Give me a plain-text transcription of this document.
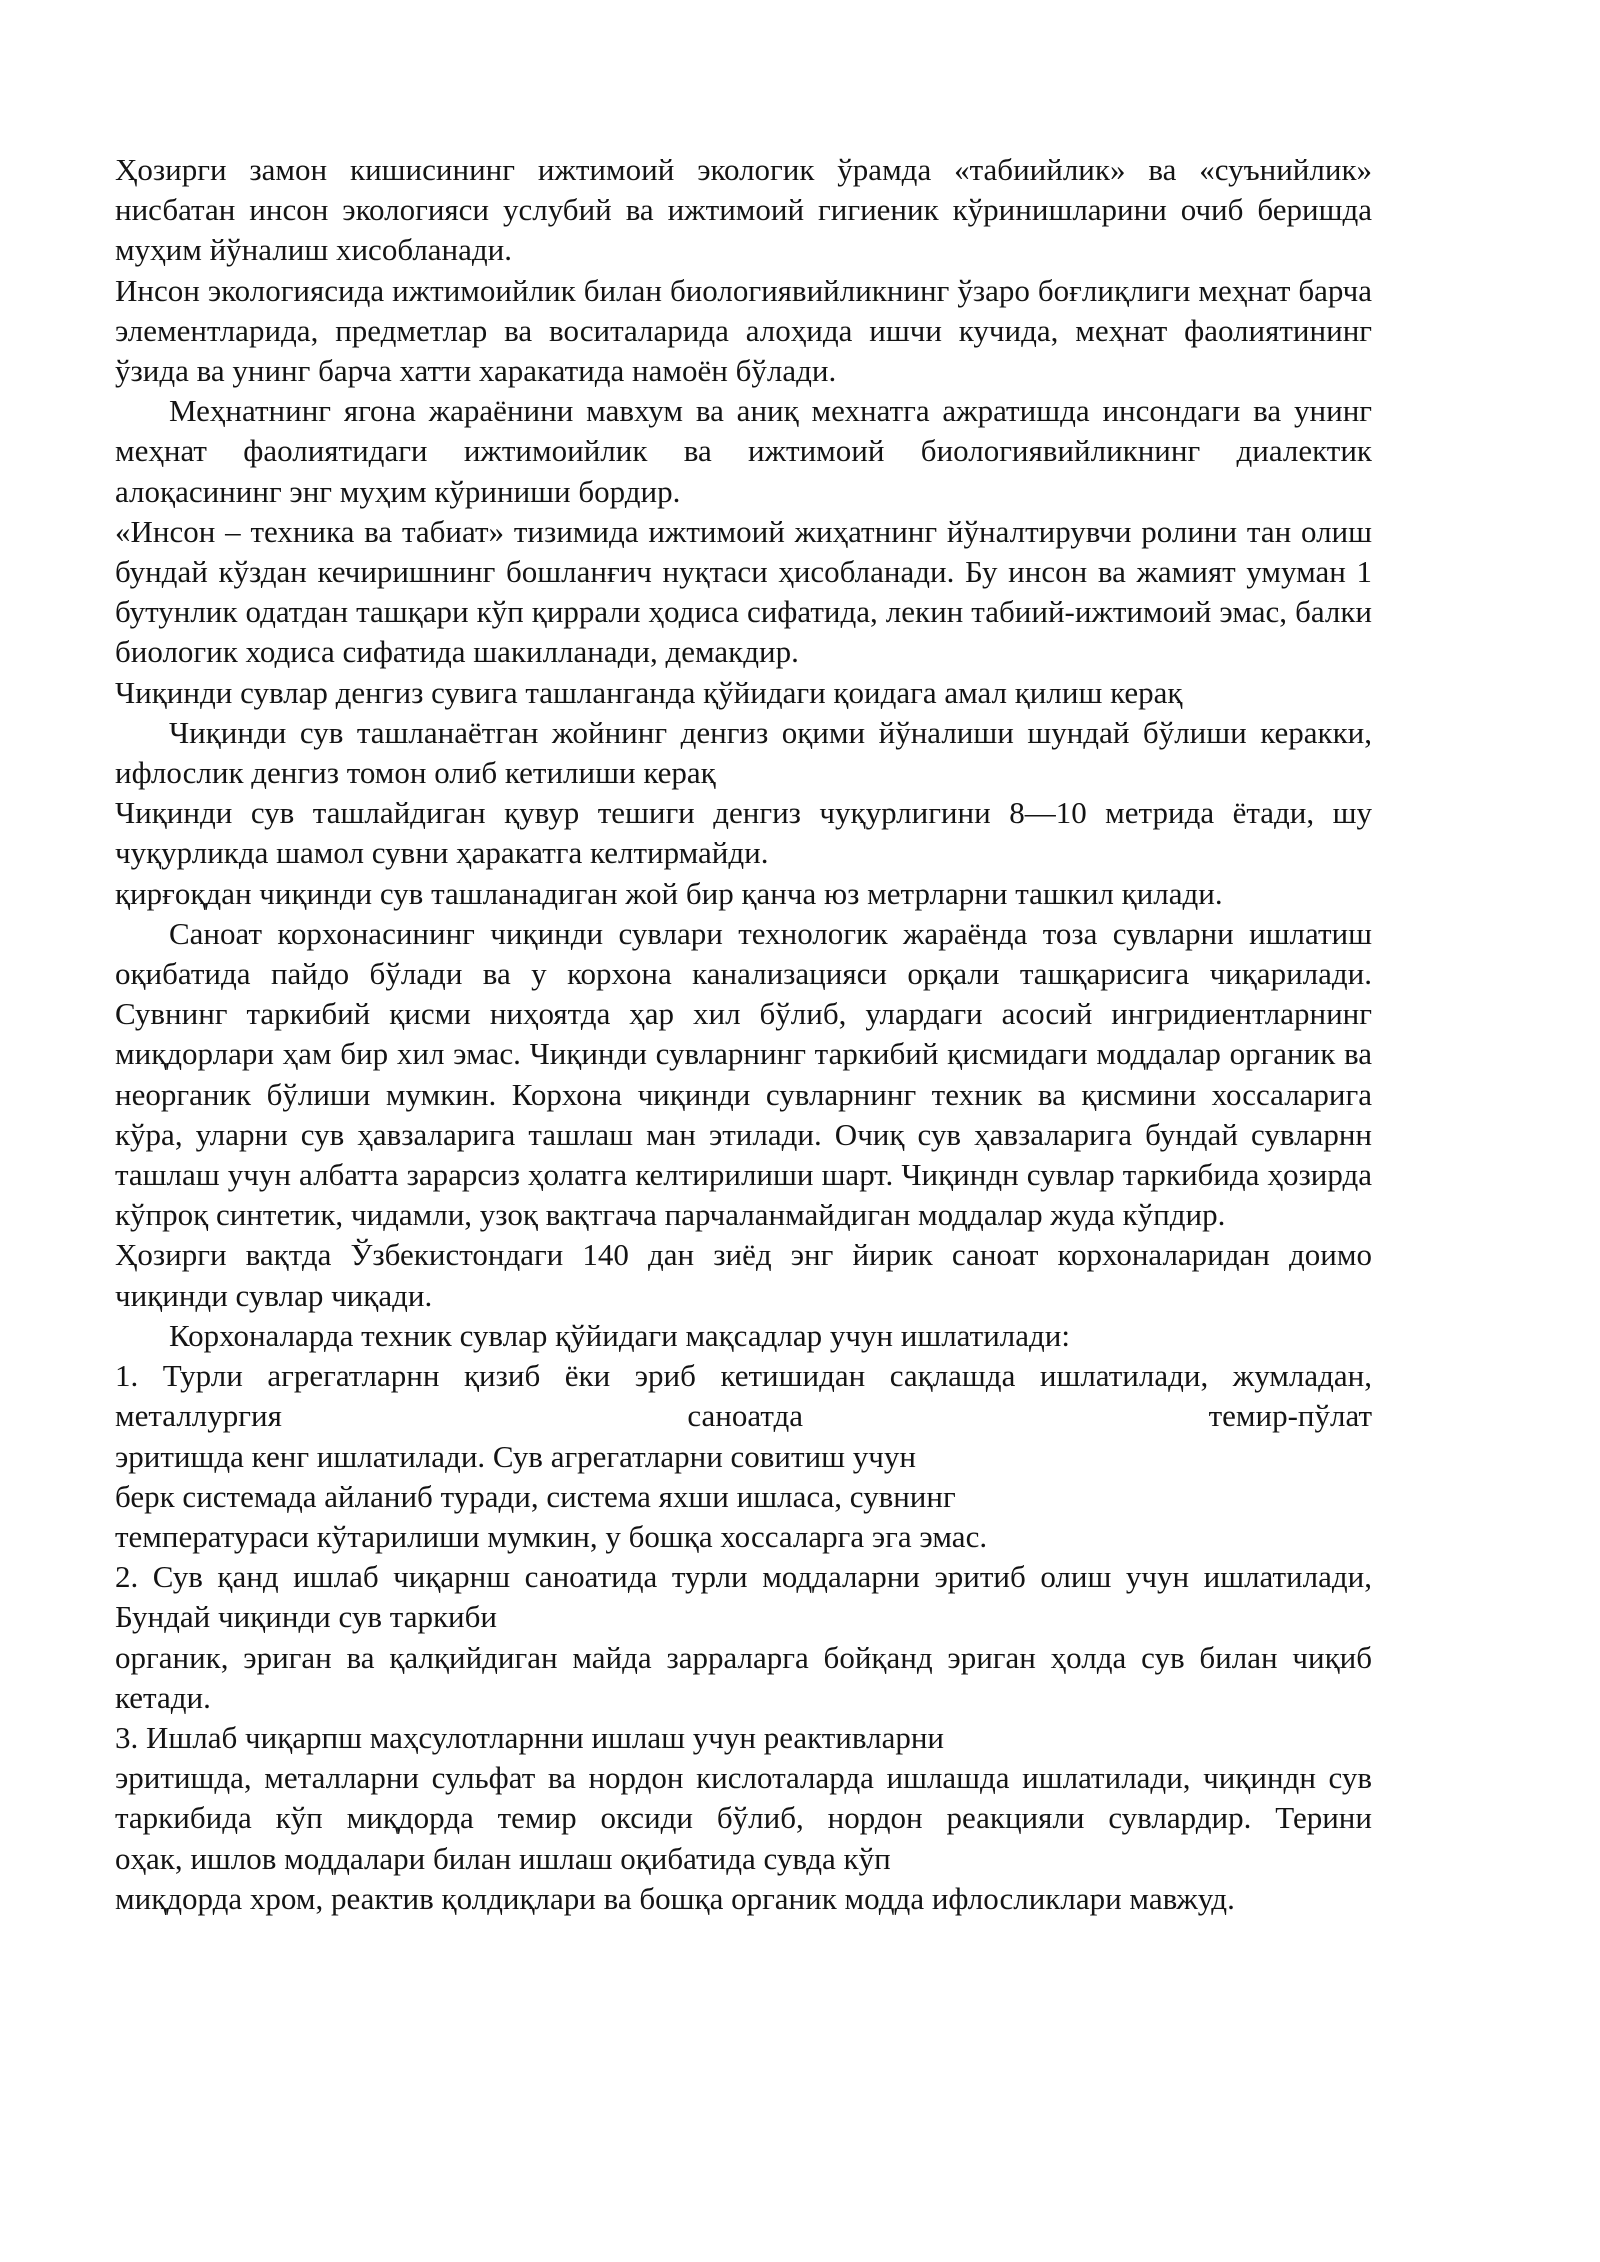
Ҳозирги замон кишисининг ижтимоий экологик ўрамда «табиийлик» ва «суънийлик» нисбатан инсон экологияси услубий ва ижтимоий гигиеник кўринишларини очиб беришда муҳим йўналиш хисобланади.

Инсон экологиясида ижтимоийлик билан биологиявийликнинг ўзаро боғлиқлиги меҳнат барча элементларида, предметлар ва воситаларида алоҳида ишчи кучида, меҳнат фаолиятининг ўзида ва унинг барча хатти харакатида намоён бўлади.

Меҳнатнинг ягона жараёнини мавхум ва аниқ мехнатга ажратишда инсондаги ва унинг меҳнат фаолиятидаги ижтимоийлик ва ижтимоий биологиявийликнинг диалектик алоқасининг энг муҳим кўриниши бордир.

«Инсон – техника ва табиат» тизимида ижтимоий жиҳатнинг йўналтирувчи ролини тан олиш бундай кўздан кечиришнинг бошланғич нуқтаси ҳисобланади. Бу инсон ва жамият умуман 1 бутунлик одатдан ташқари кўп қиррали ҳодиса сифатида, лекин табиий-ижтимоий эмас, балки биологик ходиса сифатида шакилланади, демакдир.

Чиқинди сувлар денгиз сувига ташланганда қўйидаги қоидага амал қилиш керақ

Чиқинди сув ташланаётган жойнинг денгиз оқими йўналиши шундай бўлиши керакки, ифлослик денгиз томон олиб кетилиши керақ

Чиқинди сув ташлайдиган қувур тешиги денгиз чуқурлигини 8—10 метрида ётади, шу чуқурликда шамол сувни ҳаракатга келтирмайди.

қирғоқдан чиқинди сув ташланадиган жой бир қанча юз метрларни ташкил қилади.

Саноат корхонасининг чиқинди сувлари технологик жараёнда тоза сувларни ишлатиш оқибатида пайдо бўлади ва у корхона канализацияси орқали ташқарисига чиқарилади. Сувнинг таркибий қисми ниҳоятда ҳар хил бўлиб, улардаги асосий ингридиентларнинг миқдорлари ҳам бир хил эмас. Чиқинди сувларнинг таркибий қисмидаги моддалар органик ва неорганик бўлиши мумкин. Корхона чиқинди сувларнинг техник ва қисмини хоссаларига кўра, уларни сув ҳавзаларига ташлаш ман этилади. Очиқ сув ҳавзаларига бундай сувларнн ташлаш учун албатта зарарсиз ҳолатга келтирилиши шарт. Чиқиндн сувлар таркибида ҳозирда кўпроқ синтетик, чидамли, узоқ вақтгача парчаланмайдиган моддалар жуда кўпдир.

Ҳозирги вақтда Ўзбекистондаги 140 дан зиёд энг йирик саноат корхоналаридан доимо чиқинди сувлар чиқади.

Корхоналарда техник сувлар қўйидаги мақсадлар учун ишлатилади:

1. Турли агрегатларнн қизиб ёки эриб кетишидан сақлашда ишлатилади, жумладан, металлургия саноатда темир-пўлат

эритишда кенг ишлатилади. Сув агрегатларни совитиш учун

берк системада айланиб туради, система яхши ишласа, сувнинг

температураси кўтарилиши мумкин, у бошқа хоссаларга эга эмас.

2. Сув қанд ишлаб чиқарнш саноатида турли моддаларни эритиб олиш учун ишлатилади, Бундай чиқинди сув таркиби

органик, эриган ва қалқийдиган майда зарраларга бойқанд эриган ҳолда сув билан чиқиб кетади.

3. Ишлаб чиқарпш маҳсулотларнни ишлаш учун реактивларни

эритишда, металларни сульфат ва нордон кислоталарда ишлашда ишлатилади, чиқиндн сув таркибида кўп миқдорда темир оксиди бўлиб, нордон реакцияли сувлардир. Терини

оҳак, ишлов моддалари билан ишлаш оқибатида сувда кўп

миқдорда хром, реактив қолдиқлари ва бошқа органик модда ифлосликлари мавжуд.
